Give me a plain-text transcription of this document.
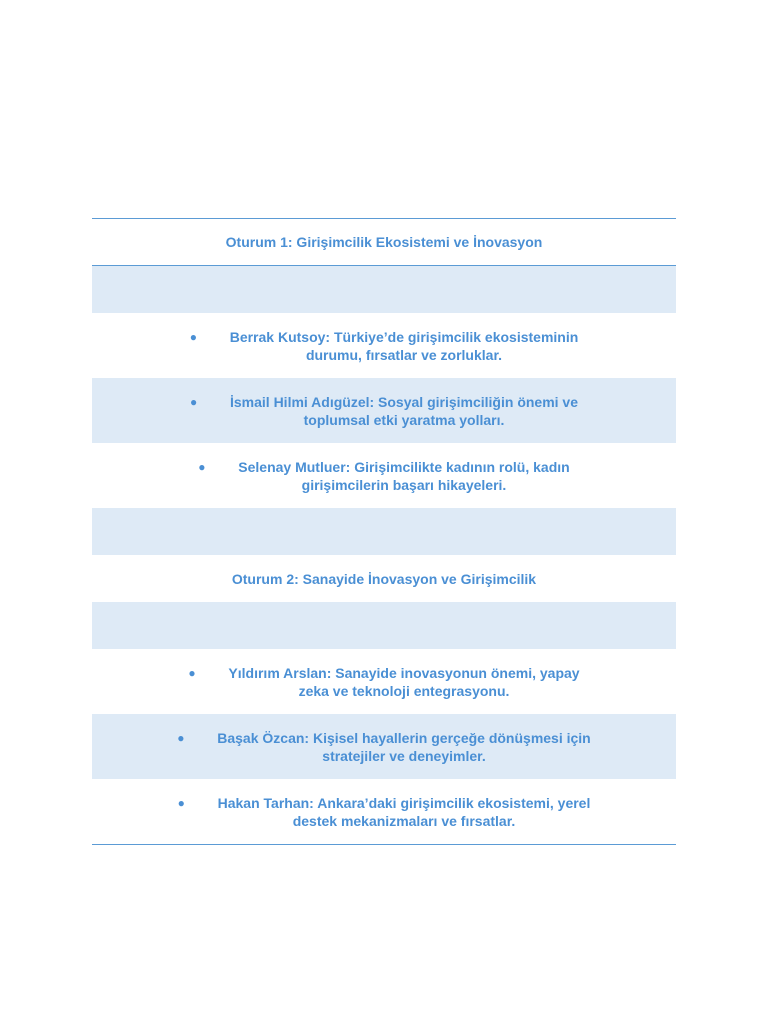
Oturum 1: Girişimcilik Ekosistemi ve İnovasyon
●	Berrak Kutsoy: Türkiye’de girişimcilik ekosisteminin
durumu, fırsatlar ve zorluklar.
●	İsmail Hilmi Adıgüzel: Sosyal girişimciliğin önemi ve
toplumsal etki yaratma yolları.
●	Selenay Mutluer: Girişimcilikte kadının rolü, kadın
girişimcilerin başarı hikayeleri.
Oturum 2: Sanayide İnovasyon ve Girişimcilik
●	Yıldırım Arslan: Sanayide inovasyonun önemi, yapay
zeka ve teknoloji entegrasyonu.
●	Başak Özcan: Kişisel hayallerin gerçeğe dönüşmesi için
stratejiler ve deneyimler.
●	Hakan Tarhan: Ankara’daki girişimcilik ekosistemi, yerel
destek mekanizmaları ve fırsatlar.
